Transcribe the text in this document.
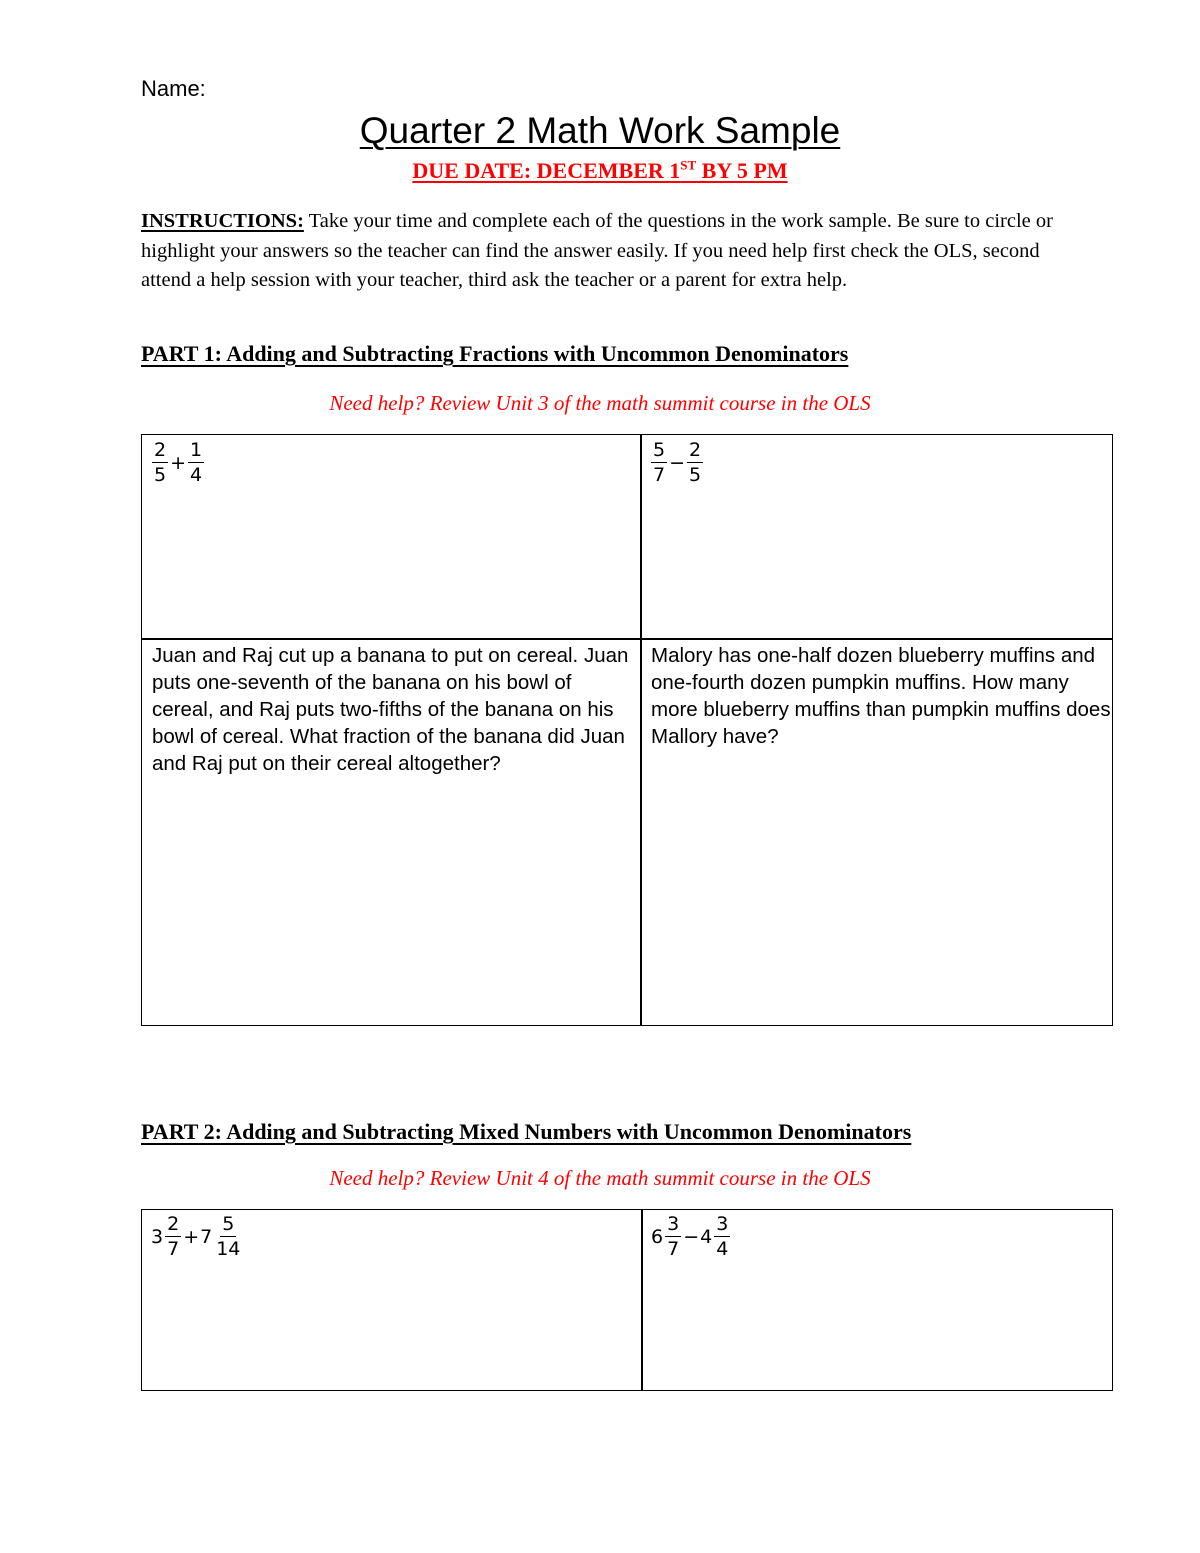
Name:
Quarter 2 Math Work Sample
DUE DATE: DECEMBER 1ST BY 5 PM
INSTRUCTIONS: Take your time and complete each of the questions in the work sample. Be sure to circle or highlight your answers so the teacher can find the answer easily. If you need help first check the OLS, second attend a help session with your teacher, third ask the teacher or a parent for extra help.
PART 1: Adding and Subtracting Fractions with Uncommon Denominators
Need help? Review Unit 3 of the math summit course in the OLS
$\frac{2}{5} + \frac{1}{4}$	$\frac{5}{7} - \frac{2}{5}$
Juan and Raj cut up a banana to put on cereal. Juan puts one-seventh of the banana on his bowl of cereal, and Raj puts two-fifths of the banana on his bowl of cereal. What fraction of the banana did Juan and Raj put on their cereal altogether?
Malory has one-half dozen blueberry muffins and one-fourth dozen pumpkin muffins. How many more blueberry muffins than pumpkin muffins does Mallory have?
PART 2: Adding and Subtracting Mixed Numbers with Uncommon Denominators
Need help? Review Unit 4 of the math summit course in the OLS
$3 \frac{2}{7} + 7 \frac{5}{14}$	$6 \frac{3}{7} - 4 \frac{3}{4}$
